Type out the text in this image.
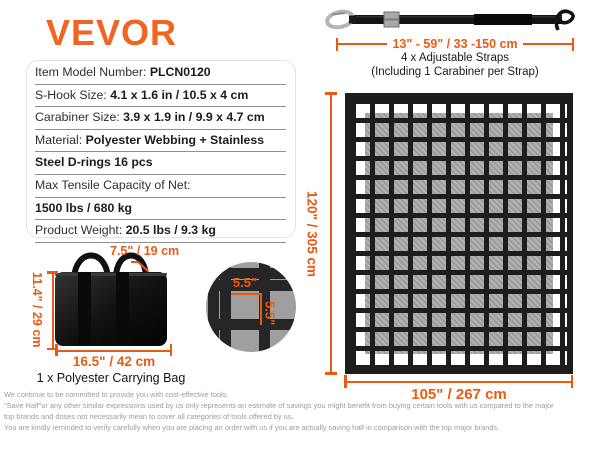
VEVOR
Item Model Number: PLCN0120
S-Hook Size: 4.1 x 1.6 in / 10.5 x 4 cm
Carabiner Size: 3.9 x 1.9 in / 9.9 x 4.7 cm
Material: Polyester Webbing + Stainless
Steel D-rings 16 pcs
Max Tensile Capacity of Net:
1500 lbs / 680 kg
Product Weight: 20.5 lbs / 9.3 kg
13" - 59" / 33 -150 cm
4 x Adjustable Straps
(Including 1 Carabiner per Strap)
120" / 305 cm
105" / 267 cm
7.5" / 19 cm
11.4" / 29 cm
16.5" / 42 cm
1 x Polyester Carrying Bag
5.5"
5.5"
We continue to be committed to provide you with cost-effective tools.
"Save Half"or any other similar expressions used by us only represents an estimate of savings you might benefit from buying certain tools with us compared to the major
top brands and doses not necessarily mean to cover all categories of tools offered by us.
You are kindly reminded to verify carefully when you are placing an order with us if you are actually saving half in comparison with the top major brands.
